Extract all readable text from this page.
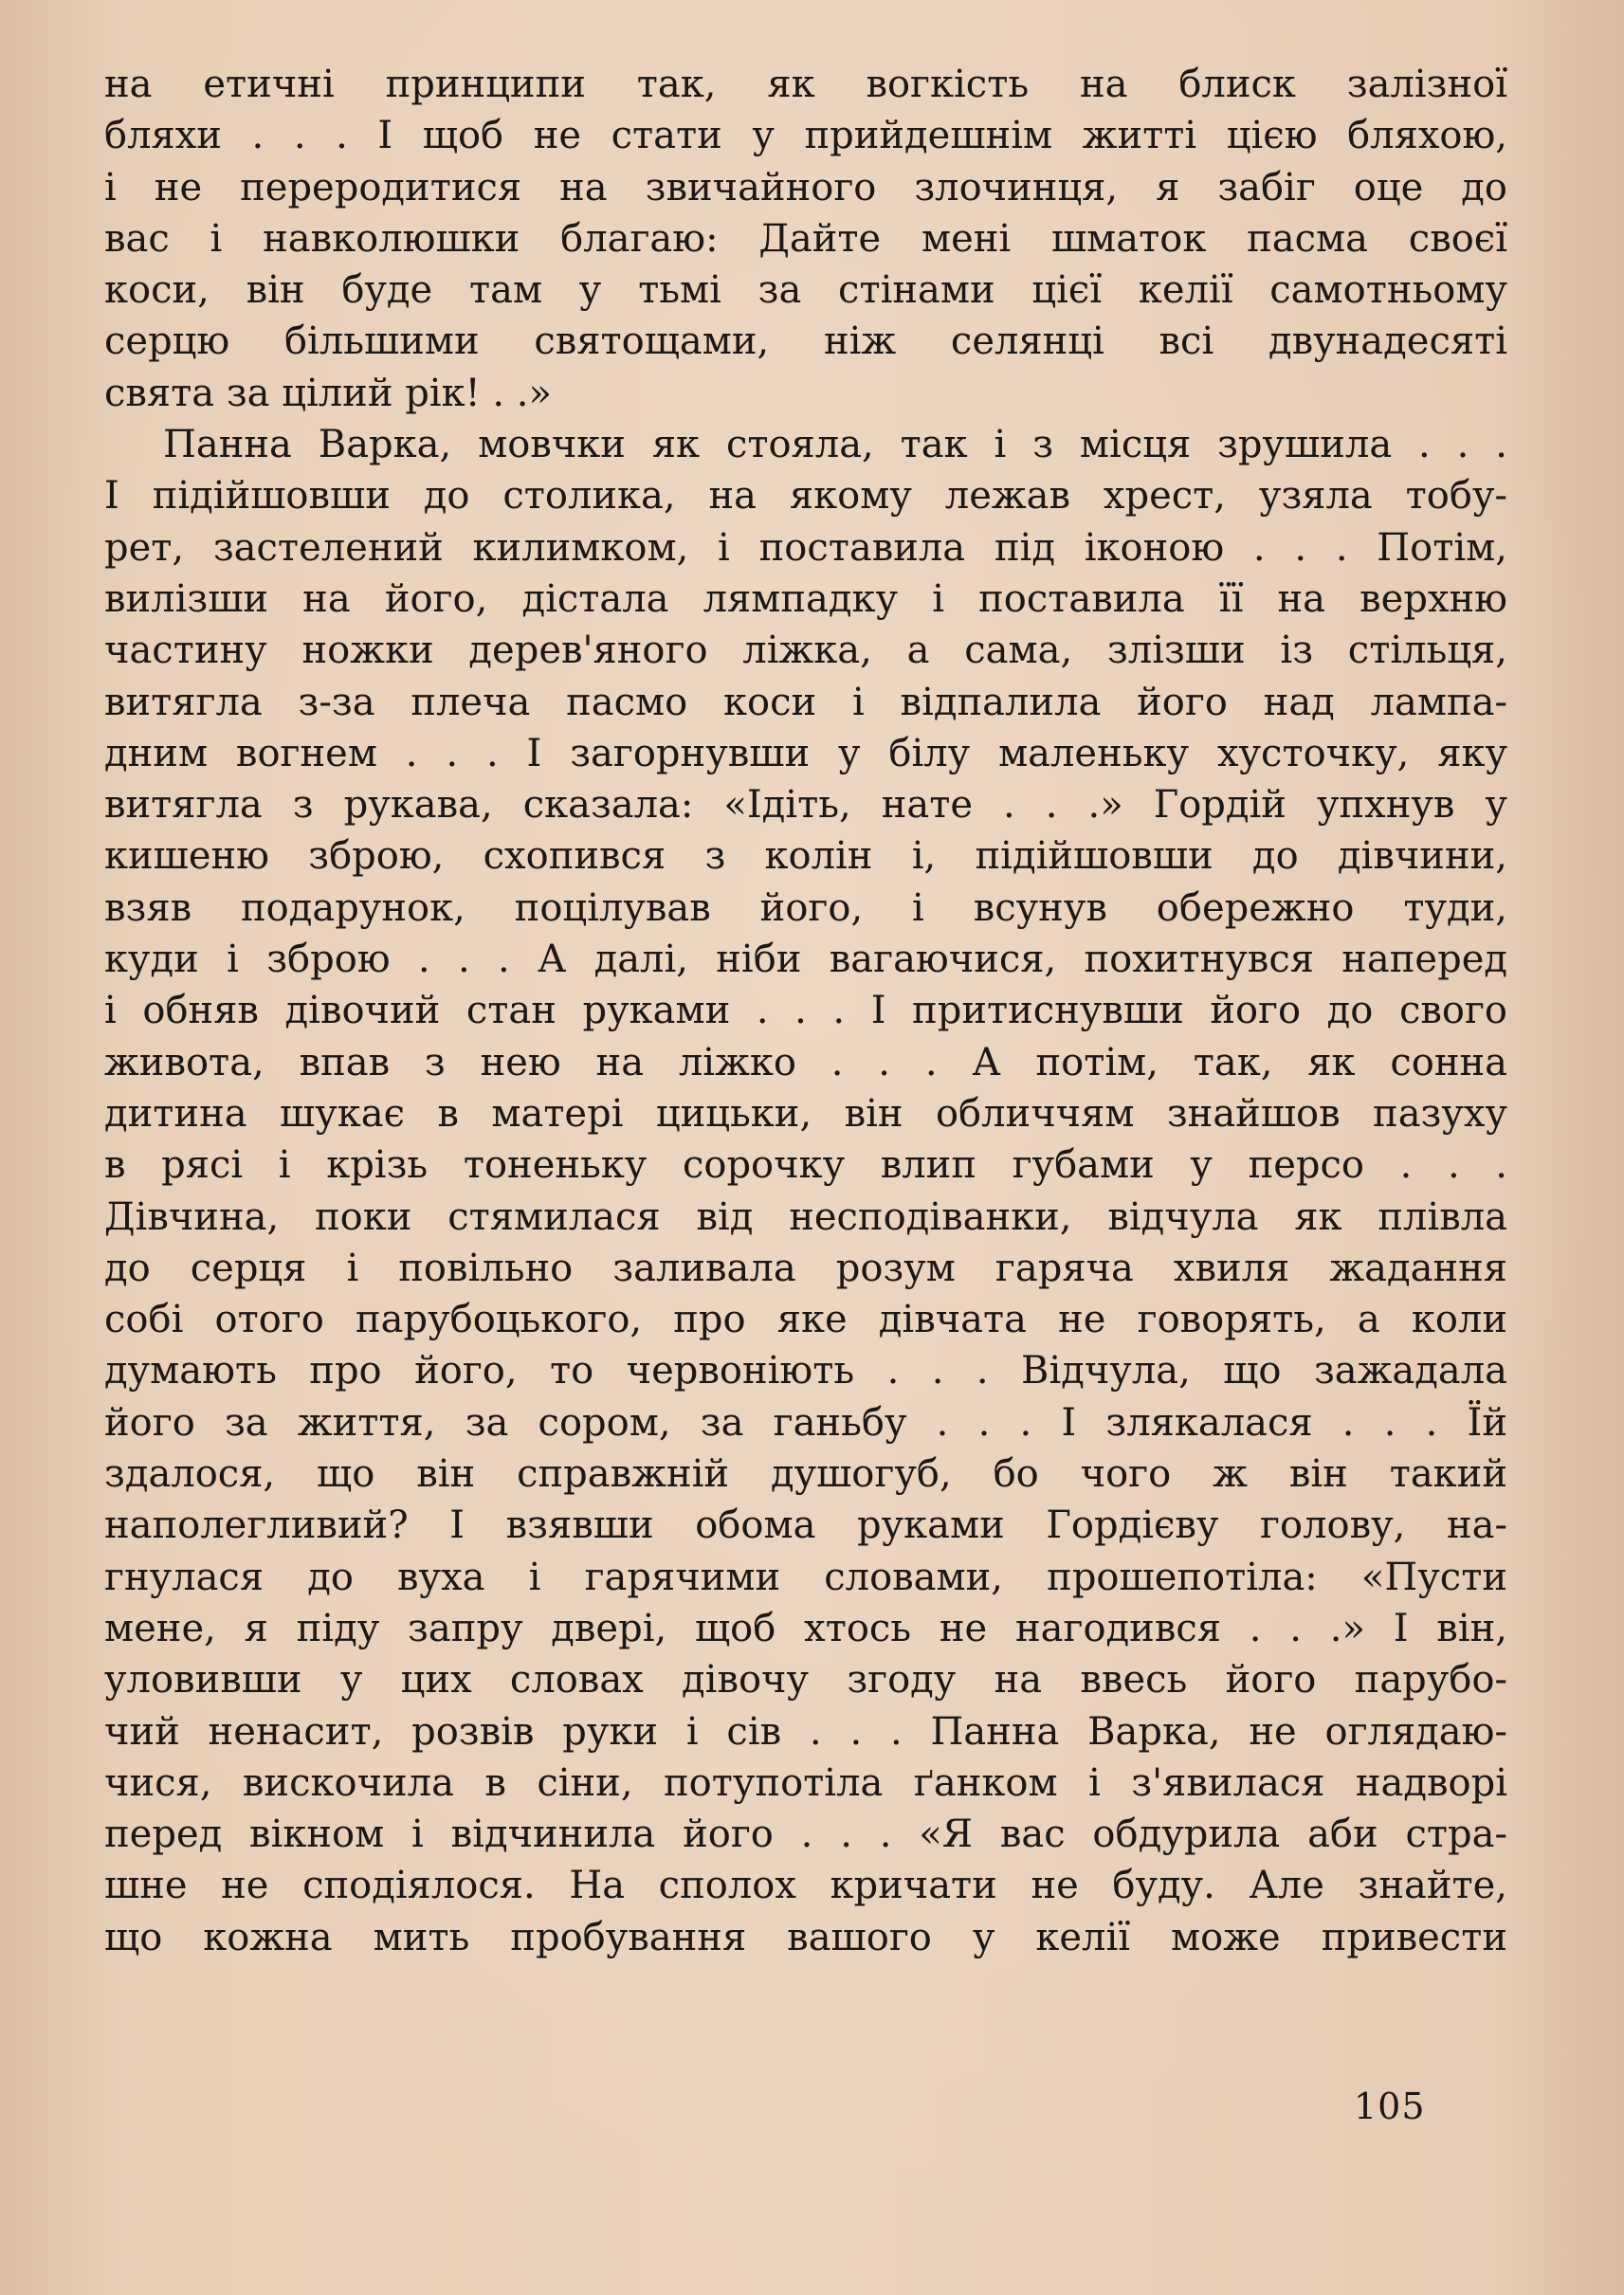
на етичні принципи так, як вогкість на блиск залізної
бляхи . . . І щоб не стати у прийдешнім житті цією бляхою,
і не переродитися на звичайного злочинця, я забіг оце до
вас і навколюшки благаю: Дайте мені шматок пасма своєї
коси, він буде там у тьмі за стінами цієї келії самотньому
серцю більшими святощами, ніж селянці всі двунадесяті
свята за цілий рік! . .»
Панна Варка, мовчки як стояла, так і з місця зрушила . . .
І підійшовши до столика, на якому лежав хрест, узяла тобу-
рет, застелений килимком, і поставила під іконою . . . Потім,
вилізши на його, дістала лямпадку і поставила її на верхню
частину ножки дерев'яного ліжка, а сама, злізши із стільця,
витягла з-за плеча пасмо коси і відпалила його над лампа-
дним вогнем . . . І загорнувши у білу маленьку хусточку, яку
витягла з рукава, сказала: «Ідіть, нате . . .» Гордій упхнув у
кишеню зброю, схопився з колін і, підійшовши до дівчини,
взяв подарунок, поцілував його, і всунув обережно туди,
куди і зброю . . . А далі, ніби вагаючися, похитнувся наперед
і обняв дівочий стан руками . . . І притиснувши його до свого
живота, впав з нею на ліжко . . . А потім, так, як сонна
дитина шукає в матері цицьки, він обличчям знайшов пазуху
в рясі і крізь тоненьку сорочку влип губами у персо . . .
Дівчина, поки стямилася від несподіванки, відчула як плівла
до серця і повільно заливала розум гаряча хвиля жадання
собі отого парубоцького, про яке дівчата не говорять, а коли
думають про його, то червоніють . . . Відчула, що зажадала
його за життя, за сором, за ганьбу . . . І злякалася . . . Їй
здалося, що він справжній душогуб, бо чого ж він такий
наполегливий? І взявши обома руками Гордієву голову, на-
гнулася до вуха і гарячими словами, прошепотіла: «Пусти
мене, я піду запру двері, щоб хтось не нагодився . . .» І він,
уловивши у цих словах дівочу згоду на ввесь його парубо-
чий ненасит, розвів руки і сів . . . Панна Варка, не оглядаю-
чися, вискочила в сіни, потупотіла ґанком і з'явилася надворі
перед вікном і відчинила його . . . «Я вас обдурила аби стра-
шне не сподіялося. На сполох кричати не буду. Але знайте,
що кожна мить пробування вашого у келії може привести
105
